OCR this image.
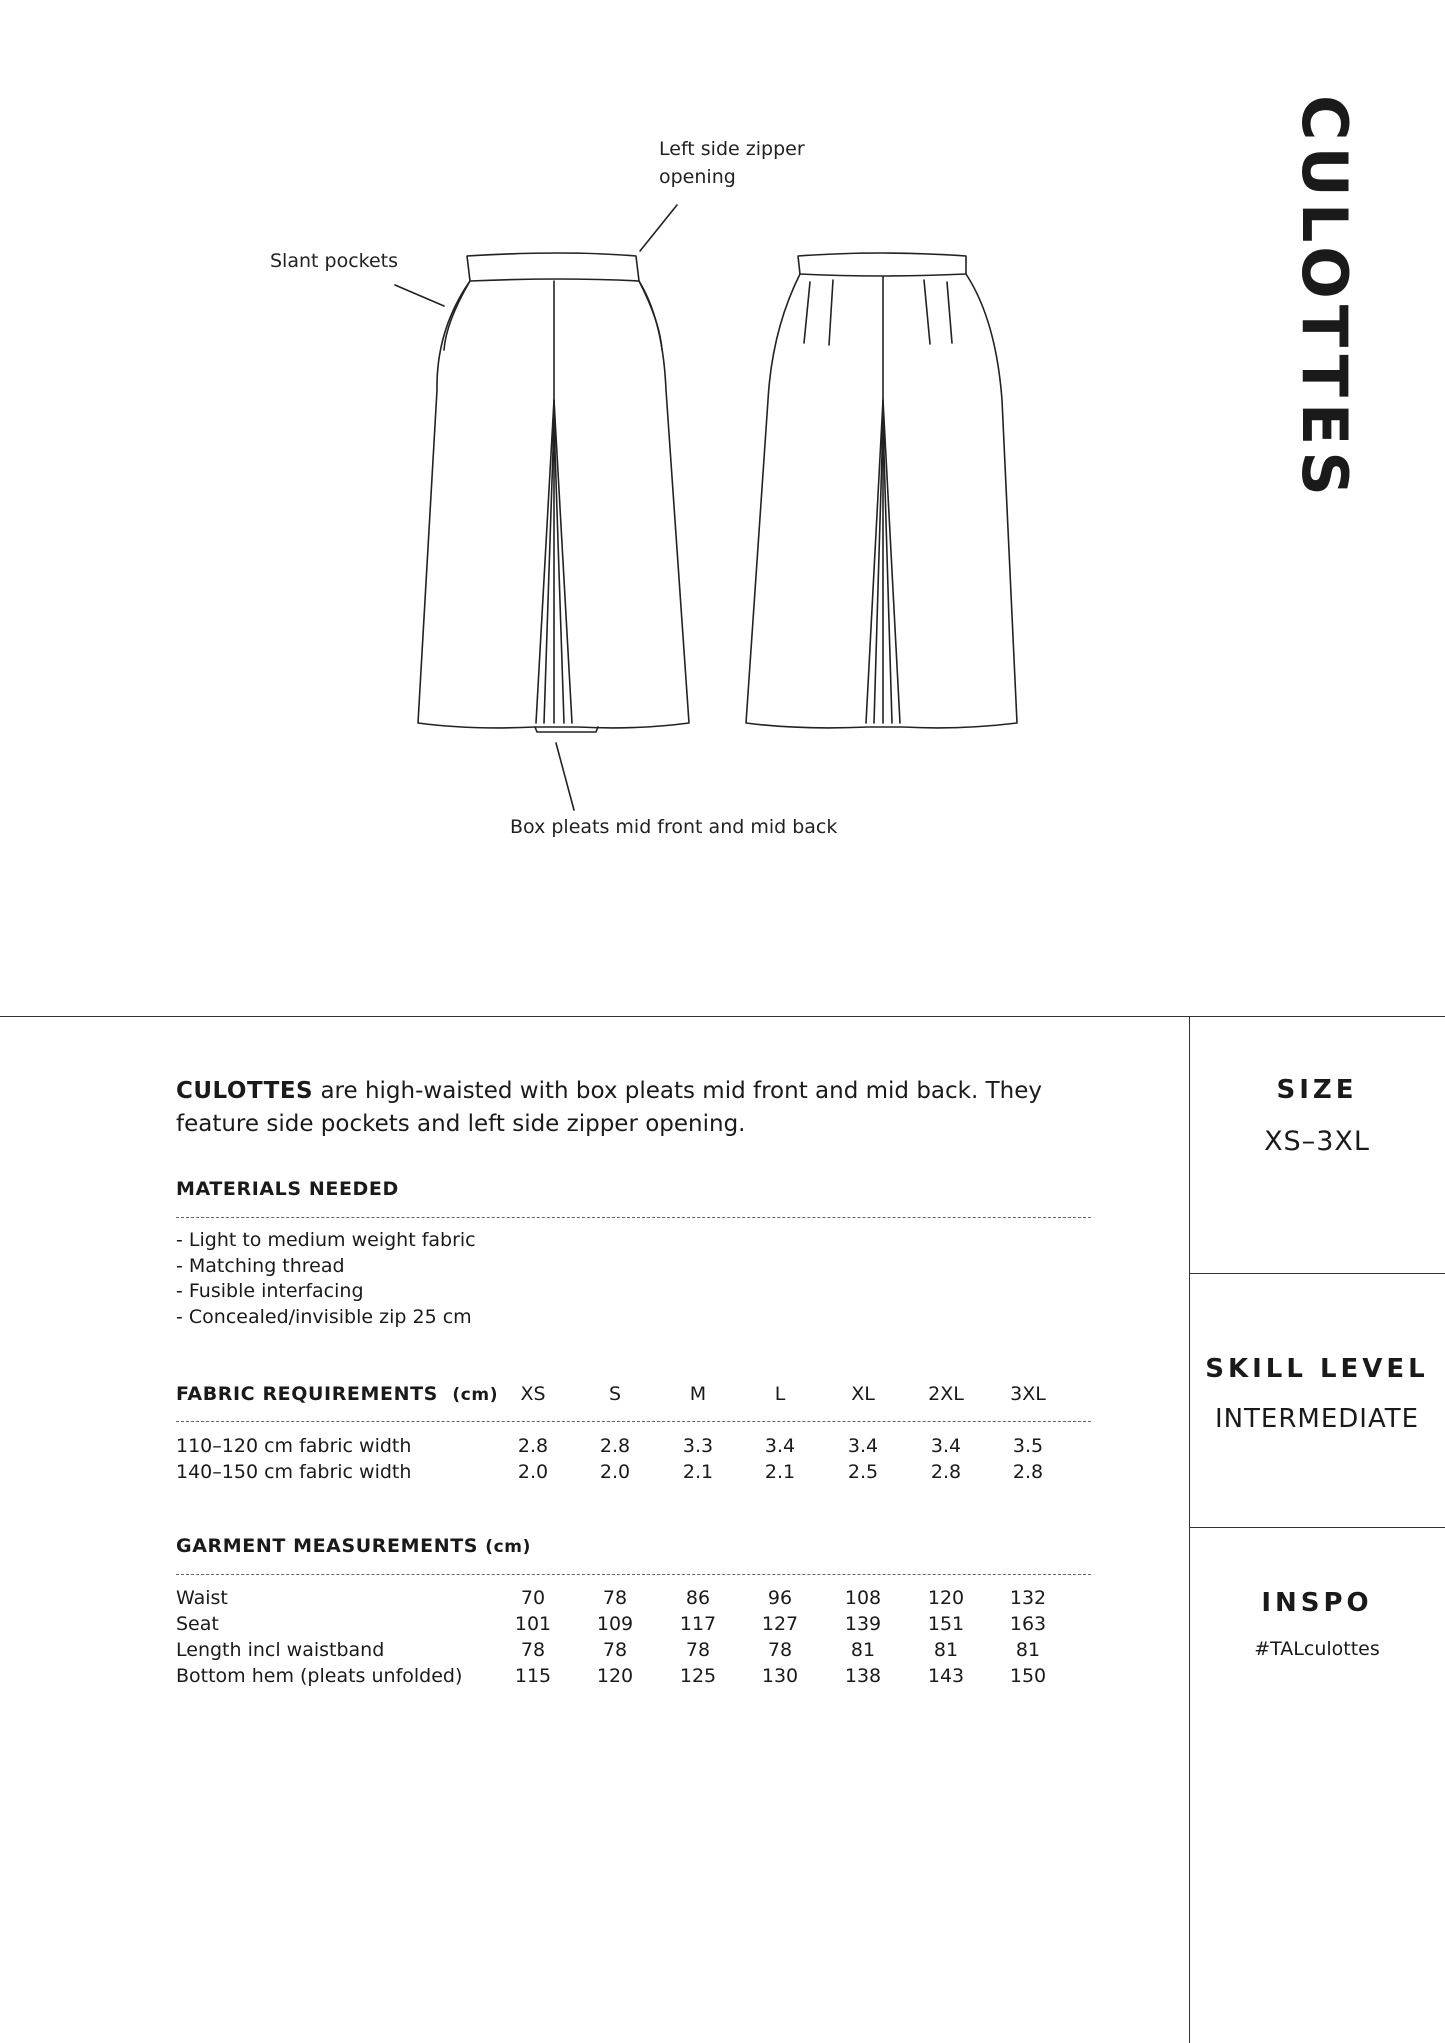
CULOTTES
Left side zipper
opening
Slant pockets
Box pleats mid front and mid back

CULOTTES are high-waisted with box pleats mid front and mid back. They feature side pockets and left side zipper opening.

MATERIALS NEEDED
- Light to medium weight fabric
- Matching thread
- Fusible interfacing
- Concealed/invisible zip 25 cm
FABRIC REQUIREMENTS (cm)	XS	S	M	L	XL	2XL	3XL
110–120 cm fabric width	2.8	2.8	3.3	3.4	3.4	3.4	3.5
140–150 cm fabric width	2.0	2.0	2.1	2.1	2.5	2.8	2.8
GARMENT MEASUREMENTS (cm)
Waist	70	78	86	96	108	120	132
Seat	101	109	117	127	139	151	163
Length incl waistband	78	78	78	78	81	81	81
Bottom hem (pleats unfolded)	115	120	125	130	138	143	150
SIZE
XS–3XL
SKILL LEVEL
INTERMEDIATE
INSPO
#TALculottes
